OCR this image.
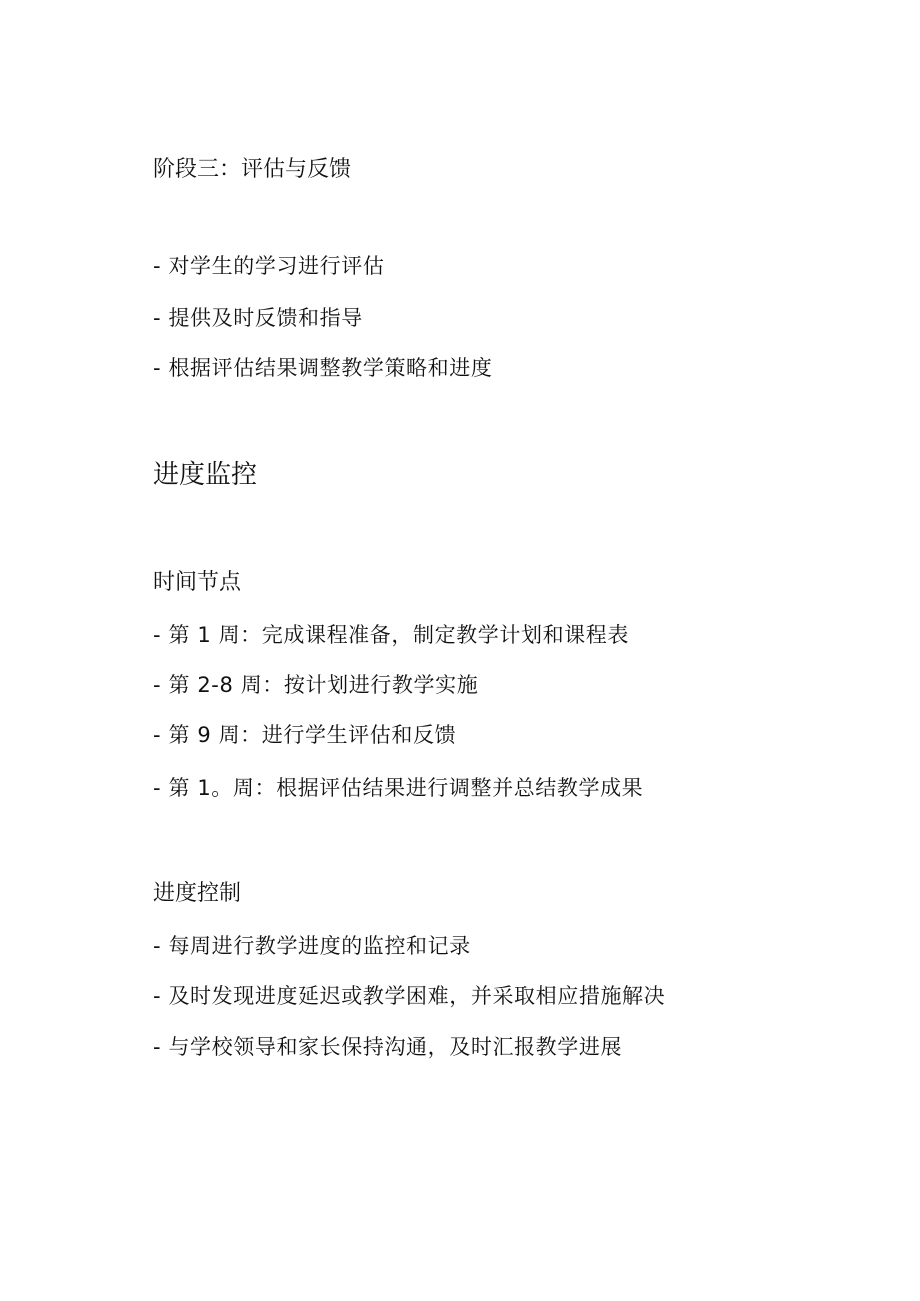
阶段三：评估与反馈
- 对学生的学习进行评估
- 提供及时反馈和指导
- 根据评估结果调整教学策略和进度
进度监控
时间节点
- 第 1 周：完成课程准备，制定教学计划和课程表
- 第 2-8 周：按计划进行教学实施
- 第 9 周：进行学生评估和反馈
- 第 1。周：根据评估结果进行调整并总结教学成果
进度控制
- 每周进行教学进度的监控和记录
- 及时发现进度延迟或教学困难，并采取相应措施解决
- 与学校领导和家长保持沟通，及时汇报教学进展
